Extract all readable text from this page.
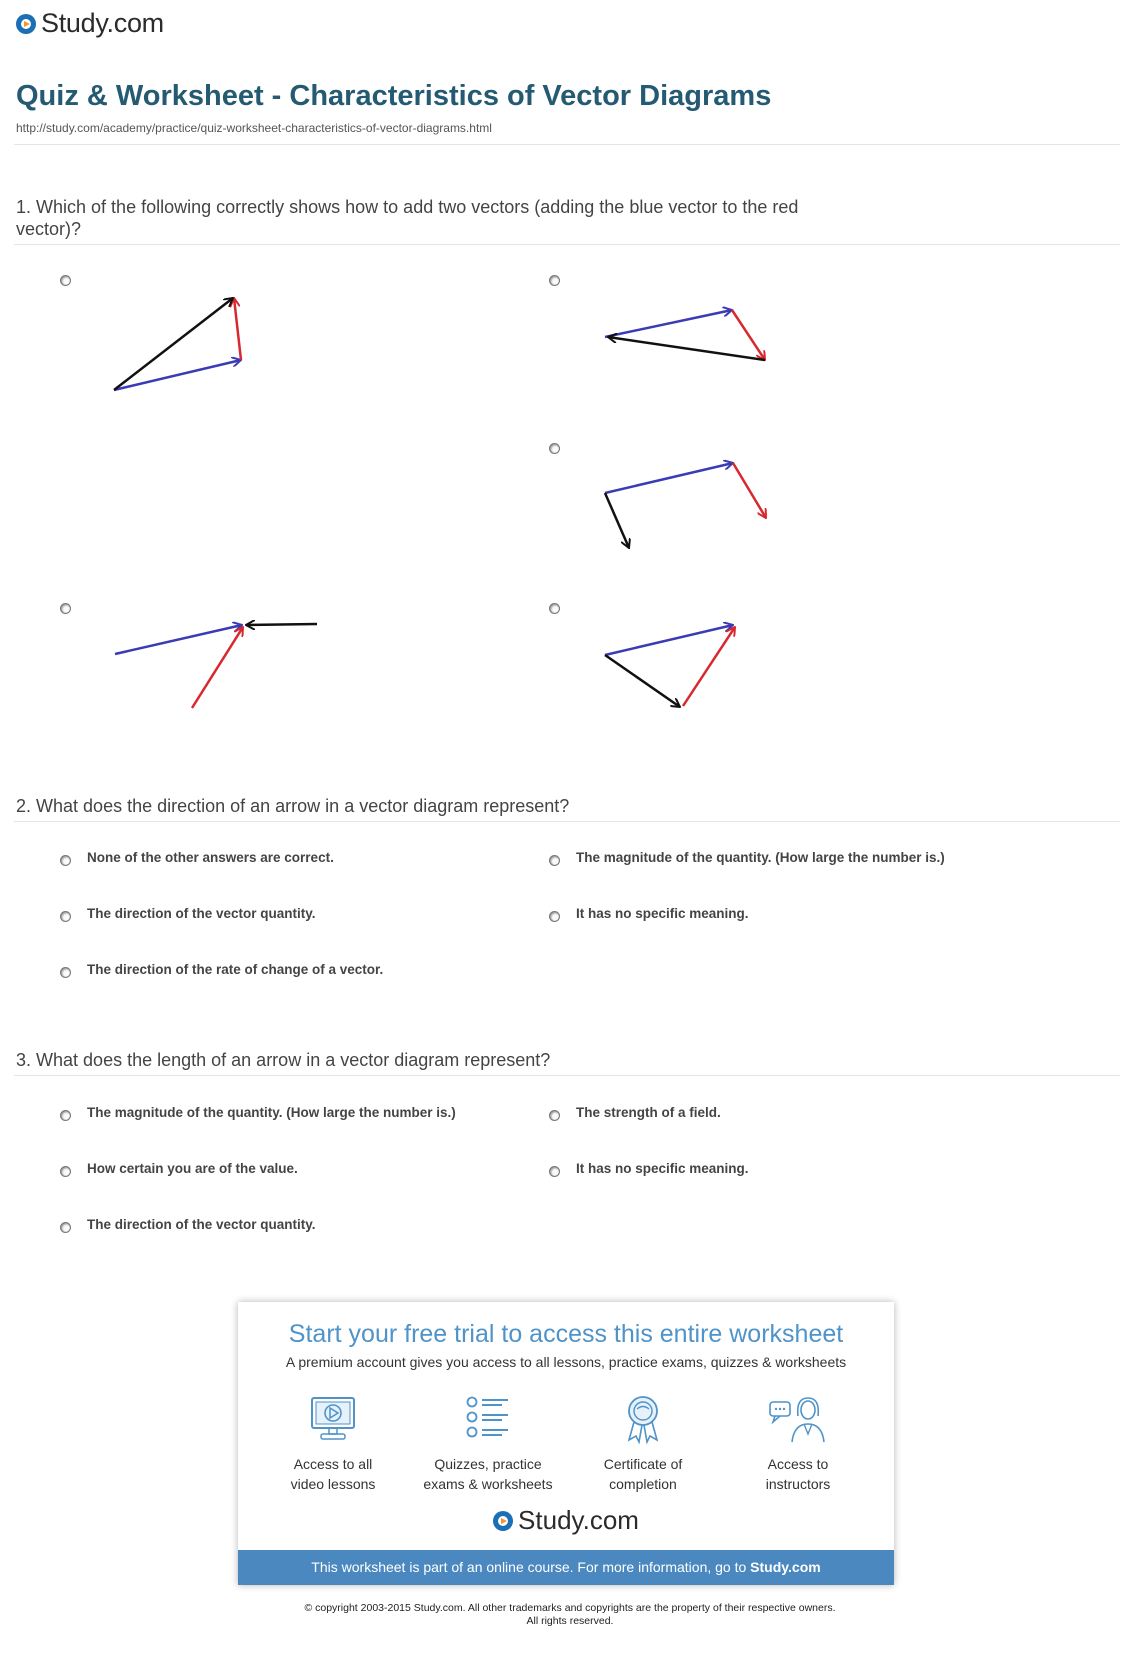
Study.com
Quiz & Worksheet - Characteristics of Vector Diagrams
http://study.com/academy/practice/quiz-worksheet-characteristics-of-vector-diagrams.html
1. Which of the following correctly shows how to add two vectors (adding the blue vector to the red
vector)?
2. What does the direction of an arrow in a vector diagram represent?
None of the other answers are correct.	The magnitude of the quantity. (How large the number is.)
The direction of the vector quantity.	It has no specific meaning.
The direction of the rate of change of a vector.
3. What does the length of an arrow in a vector diagram represent?
The magnitude of the quantity. (How large the number is.)	The strength of a field.
How certain you are of the value.	It has no specific meaning.
The direction of the vector quantity.
Start your free trial to access this entire worksheet
A premium account gives you access to all lessons, practice exams, quizzes & worksheets
Access to all
video lessons
Quizzes, practice
exams & worksheets
Certificate of
completion
Access to
instructors
Study.com
This worksheet is part of an online course. For more information, go to Study.com
© copyright 2003-2015 Study.com. All other trademarks and copyrights are the property of their respective owners.
All rights reserved.
